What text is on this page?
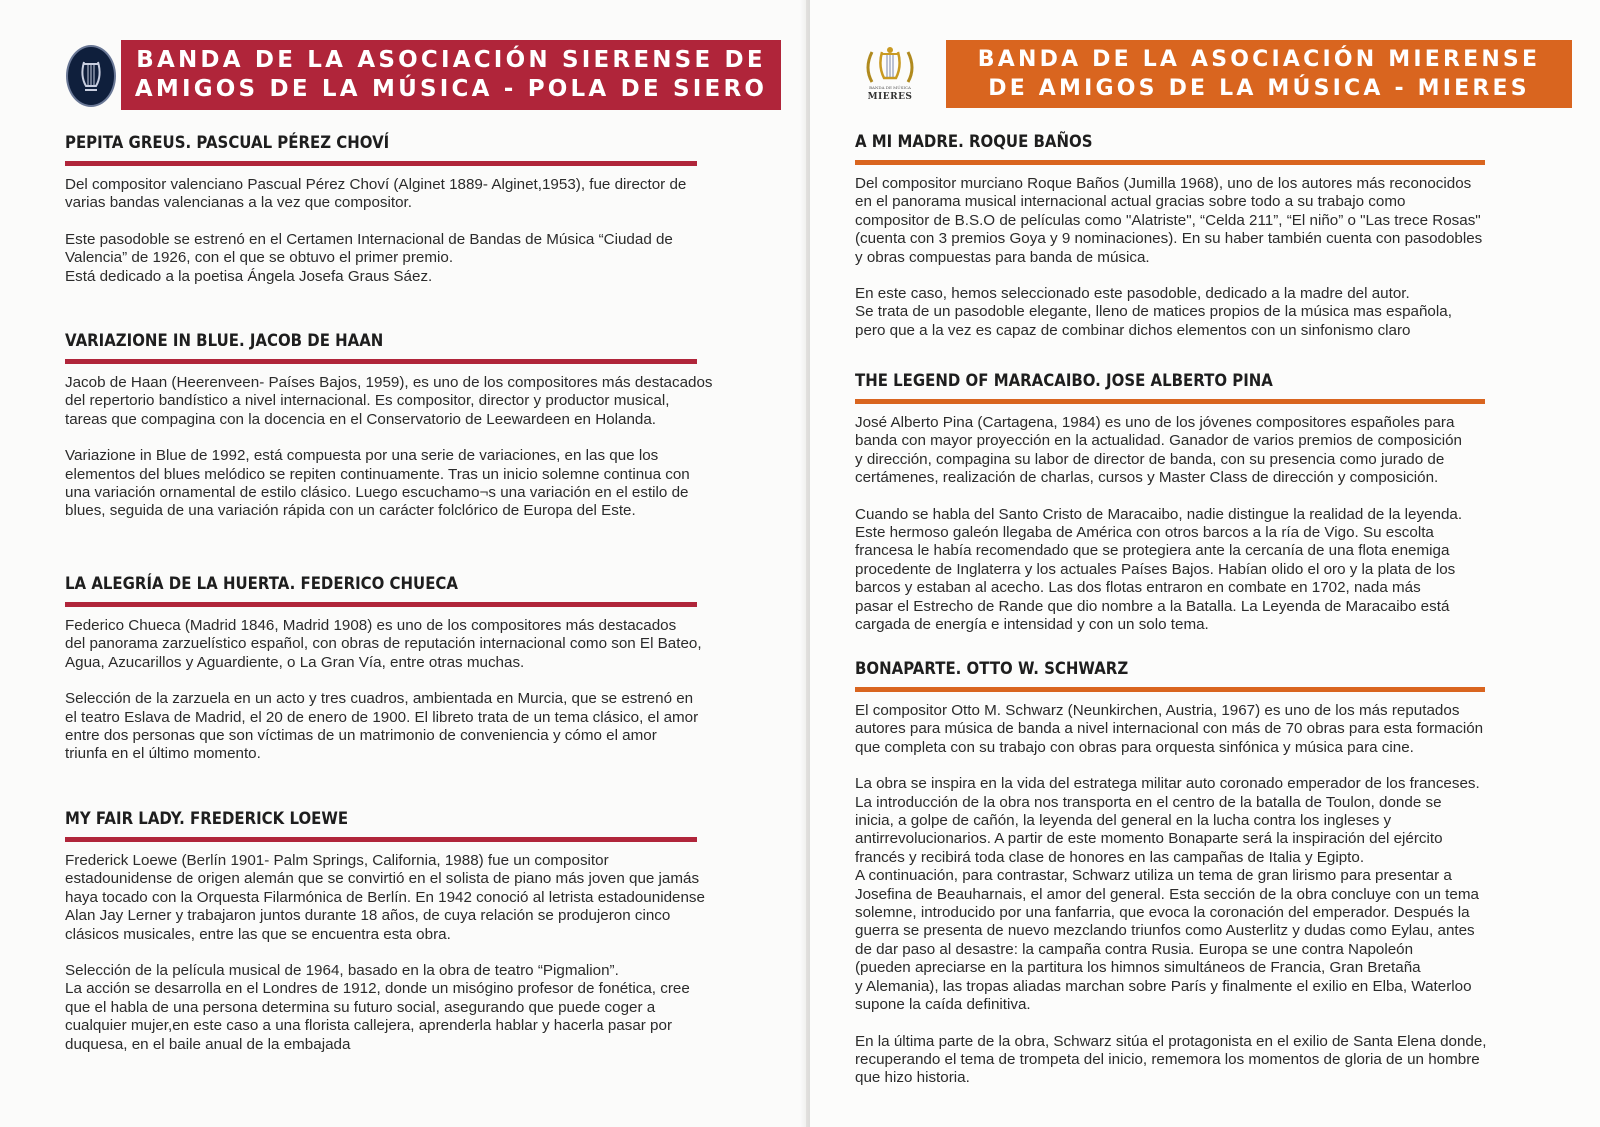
BANDA DE LA ASOCIACIÓN SIERENSE DE
AMIGOS DE LA MÚSICA - POLA DE SIERO
PEPITA GREUS. PASCUAL PÉREZ CHOVÍ

Del compositor valenciano Pascual Pérez Choví (Alginet 1889- Alginet,1953), fue director de
varias bandas valencianas a la vez que compositor.

Este pasodoble se estrenó en el Certamen Internacional de Bandas de Música “Ciudad de
Valencia” de 1926, con el que se obtuvo el primer premio.
Está dedicado a la poetisa Ángela Josefa Graus Sáez.

VARIAZIONE IN BLUE. JACOB DE HAAN

Jacob de Haan (Heerenveen- Países Bajos, 1959), es uno de los compositores más destacados
del repertorio bandístico a nivel internacional. Es compositor, director y productor musical,
tareas que compagina con la docencia en el Conservatorio de Leewardeen en Holanda.

Variazione in Blue de 1992, está compuesta por una serie de variaciones, en las que los
elementos del blues melódico se repiten continuamente. Tras un inicio solemne continua con
una variación ornamental de estilo clásico. Luego escuchamo¬s una variación en el estilo de
blues, seguida de una variación rápida con un carácter folclórico de Europa del Este.

LA ALEGRÍA DE LA HUERTA. FEDERICO CHUECA

Federico Chueca (Madrid 1846, Madrid 1908) es uno de los compositores más destacados
del panorama zarzuelístico español, con obras de reputación internacional como son El Bateo,
Agua, Azucarillos y Aguardiente, o La Gran Vía, entre otras muchas.

Selección de la zarzuela en un acto y tres cuadros, ambientada en Murcia, que se estrenó en
el teatro Eslava de Madrid, el 20 de enero de 1900. El libreto trata de un tema clásico, el amor
entre dos personas que son víctimas de un matrimonio de conveniencia y cómo el amor
triunfa en el último momento.

MY FAIR LADY. FREDERICK LOEWE

Frederick Loewe (Berlín 1901- Palm Springs, California, 1988) fue un compositor
estadounidense de origen alemán que se convirtió en el solista de piano más joven que jamás
haya tocado con la Orquesta Filarmónica de Berlín. En 1942 conoció al letrista estadounidense
Alan Jay Lerner y trabajaron juntos durante 18 años, de cuya relación se produjeron cinco
clásicos musicales, entre las que se encuentra esta obra.

Selección de la película musical de 1964, basado en la obra de teatro “Pigmalion”.
La acción se desarrolla en el Londres de 1912, donde un misógino profesor de fonética, cree
que el habla de una persona determina su futuro social, asegurando que puede coger a
cualquier mujer,en este caso a una florista callejera, aprenderla hablar y hacerla pasar por
duquesa, en el baile anual de la embajada

BANDA DE MÚSICA
MIERES
BANDA DE LA ASOCIACIÓN MIERENSE
DE AMIGOS DE LA MÚSICA - MIERES
A MI MADRE. ROQUE BAÑOS

Del compositor murciano Roque Baños (Jumilla 1968), uno de los autores más reconocidos
en el panorama musical internacional actual gracias sobre todo a su trabajo como
compositor de B.S.O de películas como "Alatriste", “Celda 211”, “El niño” o "Las trece Rosas"
(cuenta con 3 premios Goya y 9 nominaciones). En su haber también cuenta con pasodobles
y obras compuestas para banda de música.

En este caso, hemos seleccionado este pasodoble, dedicado a la madre del autor.
Se trata de un pasodoble elegante, lleno de matices propios de la música mas española,
pero que a la vez es capaz de combinar dichos elementos con un sinfonismo claro

THE LEGEND OF MARACAIBO. JOSE ALBERTO PINA

José Alberto Pina (Cartagena, 1984) es uno de los jóvenes compositores españoles para
banda con mayor proyección en la actualidad. Ganador de varios premios de composición
y dirección, compagina su labor de director de banda, con su presencia como jurado de
certámenes, realización de charlas, cursos y Master Class de dirección y composición.

Cuando se habla del Santo Cristo de Maracaibo, nadie distingue la realidad de la leyenda.
Este hermoso galeón llegaba de América con otros barcos a la ría de Vigo. Su escolta
francesa le había recomendado que se protegiera ante la cercanía de una flota enemiga
procedente de Inglaterra y los actuales Países Bajos. Habían olido el oro y la plata de los
barcos y estaban al acecho. Las dos flotas entraron en combate en 1702, nada más
pasar el Estrecho de Rande que dio nombre a la Batalla. La Leyenda de Maracaibo está
cargada de energía e intensidad y con un solo tema.

BONAPARTE. OTTO W. SCHWARZ

El compositor Otto M. Schwarz (Neunkirchen, Austria, 1967) es uno de los más reputados
autores para música de banda a nivel internacional con más de 70 obras para esta formación
que completa con su trabajo con obras para orquesta sinfónica y música para cine.

La obra se inspira en la vida del estratega militar auto coronado emperador de los franceses.
La introducción de la obra nos transporta en el centro de la batalla de Toulon, donde se
inicia, a golpe de cañón, la leyenda del general en la lucha contra los ingleses y
antirrevolucionarios. A partir de este momento Bonaparte será la inspiración del ejército
francés y recibirá toda clase de honores en las campañas de Italia y Egipto.
A continuación, para contrastar, Schwarz utiliza un tema de gran lirismo para presentar a
Josefina de Beauharnais, el amor del general. Esta sección de la obra concluye con un tema
solemne, introducido por una fanfarria, que evoca la coronación del emperador. Después la
guerra se presenta de nuevo mezclando triunfos como Austerlitz y dudas como Eylau, antes
de dar paso al desastre: la campaña contra Rusia. Europa se une contra Napoleón
(pueden apreciarse en la partitura los himnos simultáneos de Francia, Gran Bretaña
y Alemania), las tropas aliadas marchan sobre París y finalmente el exilio en Elba, Waterloo
supone la caída definitiva.

En la última parte de la obra, Schwarz sitúa el protagonista en el exilio de Santa Elena donde,
recuperando el tema de trompeta del inicio, rememora los momentos de gloria de un hombre
que hizo historia.
